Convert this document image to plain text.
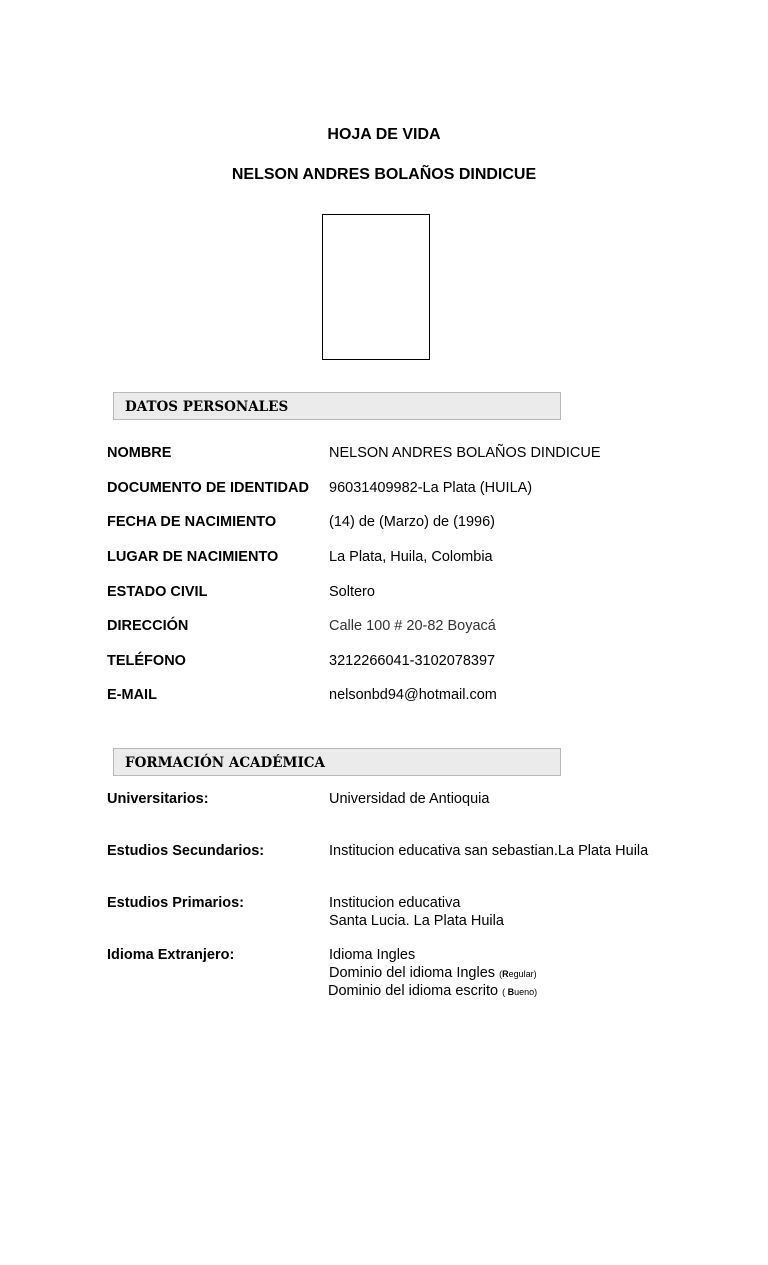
HOJA DE VIDA
NELSON ANDRES BOLAÑOS DINDICUE
DATOS PERSONALES
NOMBRE	NELSON ANDRES BOLAÑOS DINDICUE
DOCUMENTO DE IDENTIDAD 96031409982-La Plata (HUILA)
FECHA DE NACIMIENTO	(14) de (Marzo) de (1996)
LUGAR DE NACIMIENTO	La Plata, Huila, Colombia
ESTADO CIVIL	Soltero
DIRECCIÓN	Calle 100 # 20-82 Boyacá
TELÉFONO	3212266041-3102078397
E-MAIL	nelsonbd94@hotmail.com
FORMACIÓN ACADÉMICA
Universitarios:	Universidad de Antioquia
Estudios Secundarios:	Institucion educativa san sebastian.La Plata Huila
Estudios Primarios:	Institucion educativa
Santa Lucia. La Plata Huila
Idioma Extranjero:	Idioma Ingles
Dominio del idioma Ingles (Regular)
Dominio del idioma escrito ( Bueno)
